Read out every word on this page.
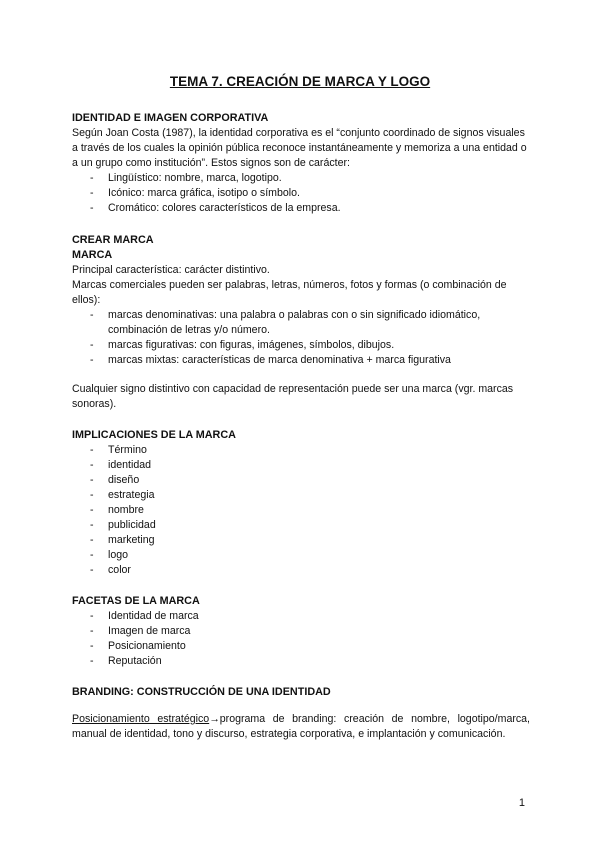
TEMA 7. CREACIÓN DE MARCA Y LOGO

IDENTIDAD E IMAGEN CORPORATIVA

Según Joan Costa (1987), la identidad corporativa es el “conjunto coordinado de signos visuales a través de los cuales la opinión pública reconoce instantáneamente y memoriza a una entidad o a un grupo como institución”. Estos signos son de carácter:

- Lingüístico: nombre, marca, logotipo.
- Icónico: marca gráfica, isotipo o símbolo.
- Cromático: colores característicos de la empresa.

CREAR MARCA

MARCA

Principal característica: carácter distintivo.

Marcas comerciales pueden ser palabras, letras, números, fotos y formas (o combinación de ellos):

- marcas denominativas: una palabra o palabras con o sin significado idiomático, combinación de letras y/o número.
- marcas figurativas: con figuras, imágenes, símbolos, dibujos.
- marcas mixtas: características de marca denominativa + marca figurativa

Cualquier signo distintivo con capacidad de representación puede ser una marca (vgr. marcas sonoras).

IMPLICACIONES DE LA MARCA

- Término
- identidad
- diseño
- estrategia
- nombre
- publicidad
- marketing
- logo
- color

FACETAS DE LA MARCA

- Identidad de marca
- Imagen de marca
- Posicionamiento
- Reputación

BRANDING: CONSTRUCCIÓN DE UNA IDENTIDAD

Posicionamiento estratégico→programa de branding: creación de nombre, logotipo/marca, manual de identidad, tono y discurso, estrategia corporativa, e implantación y comunicación.

1
